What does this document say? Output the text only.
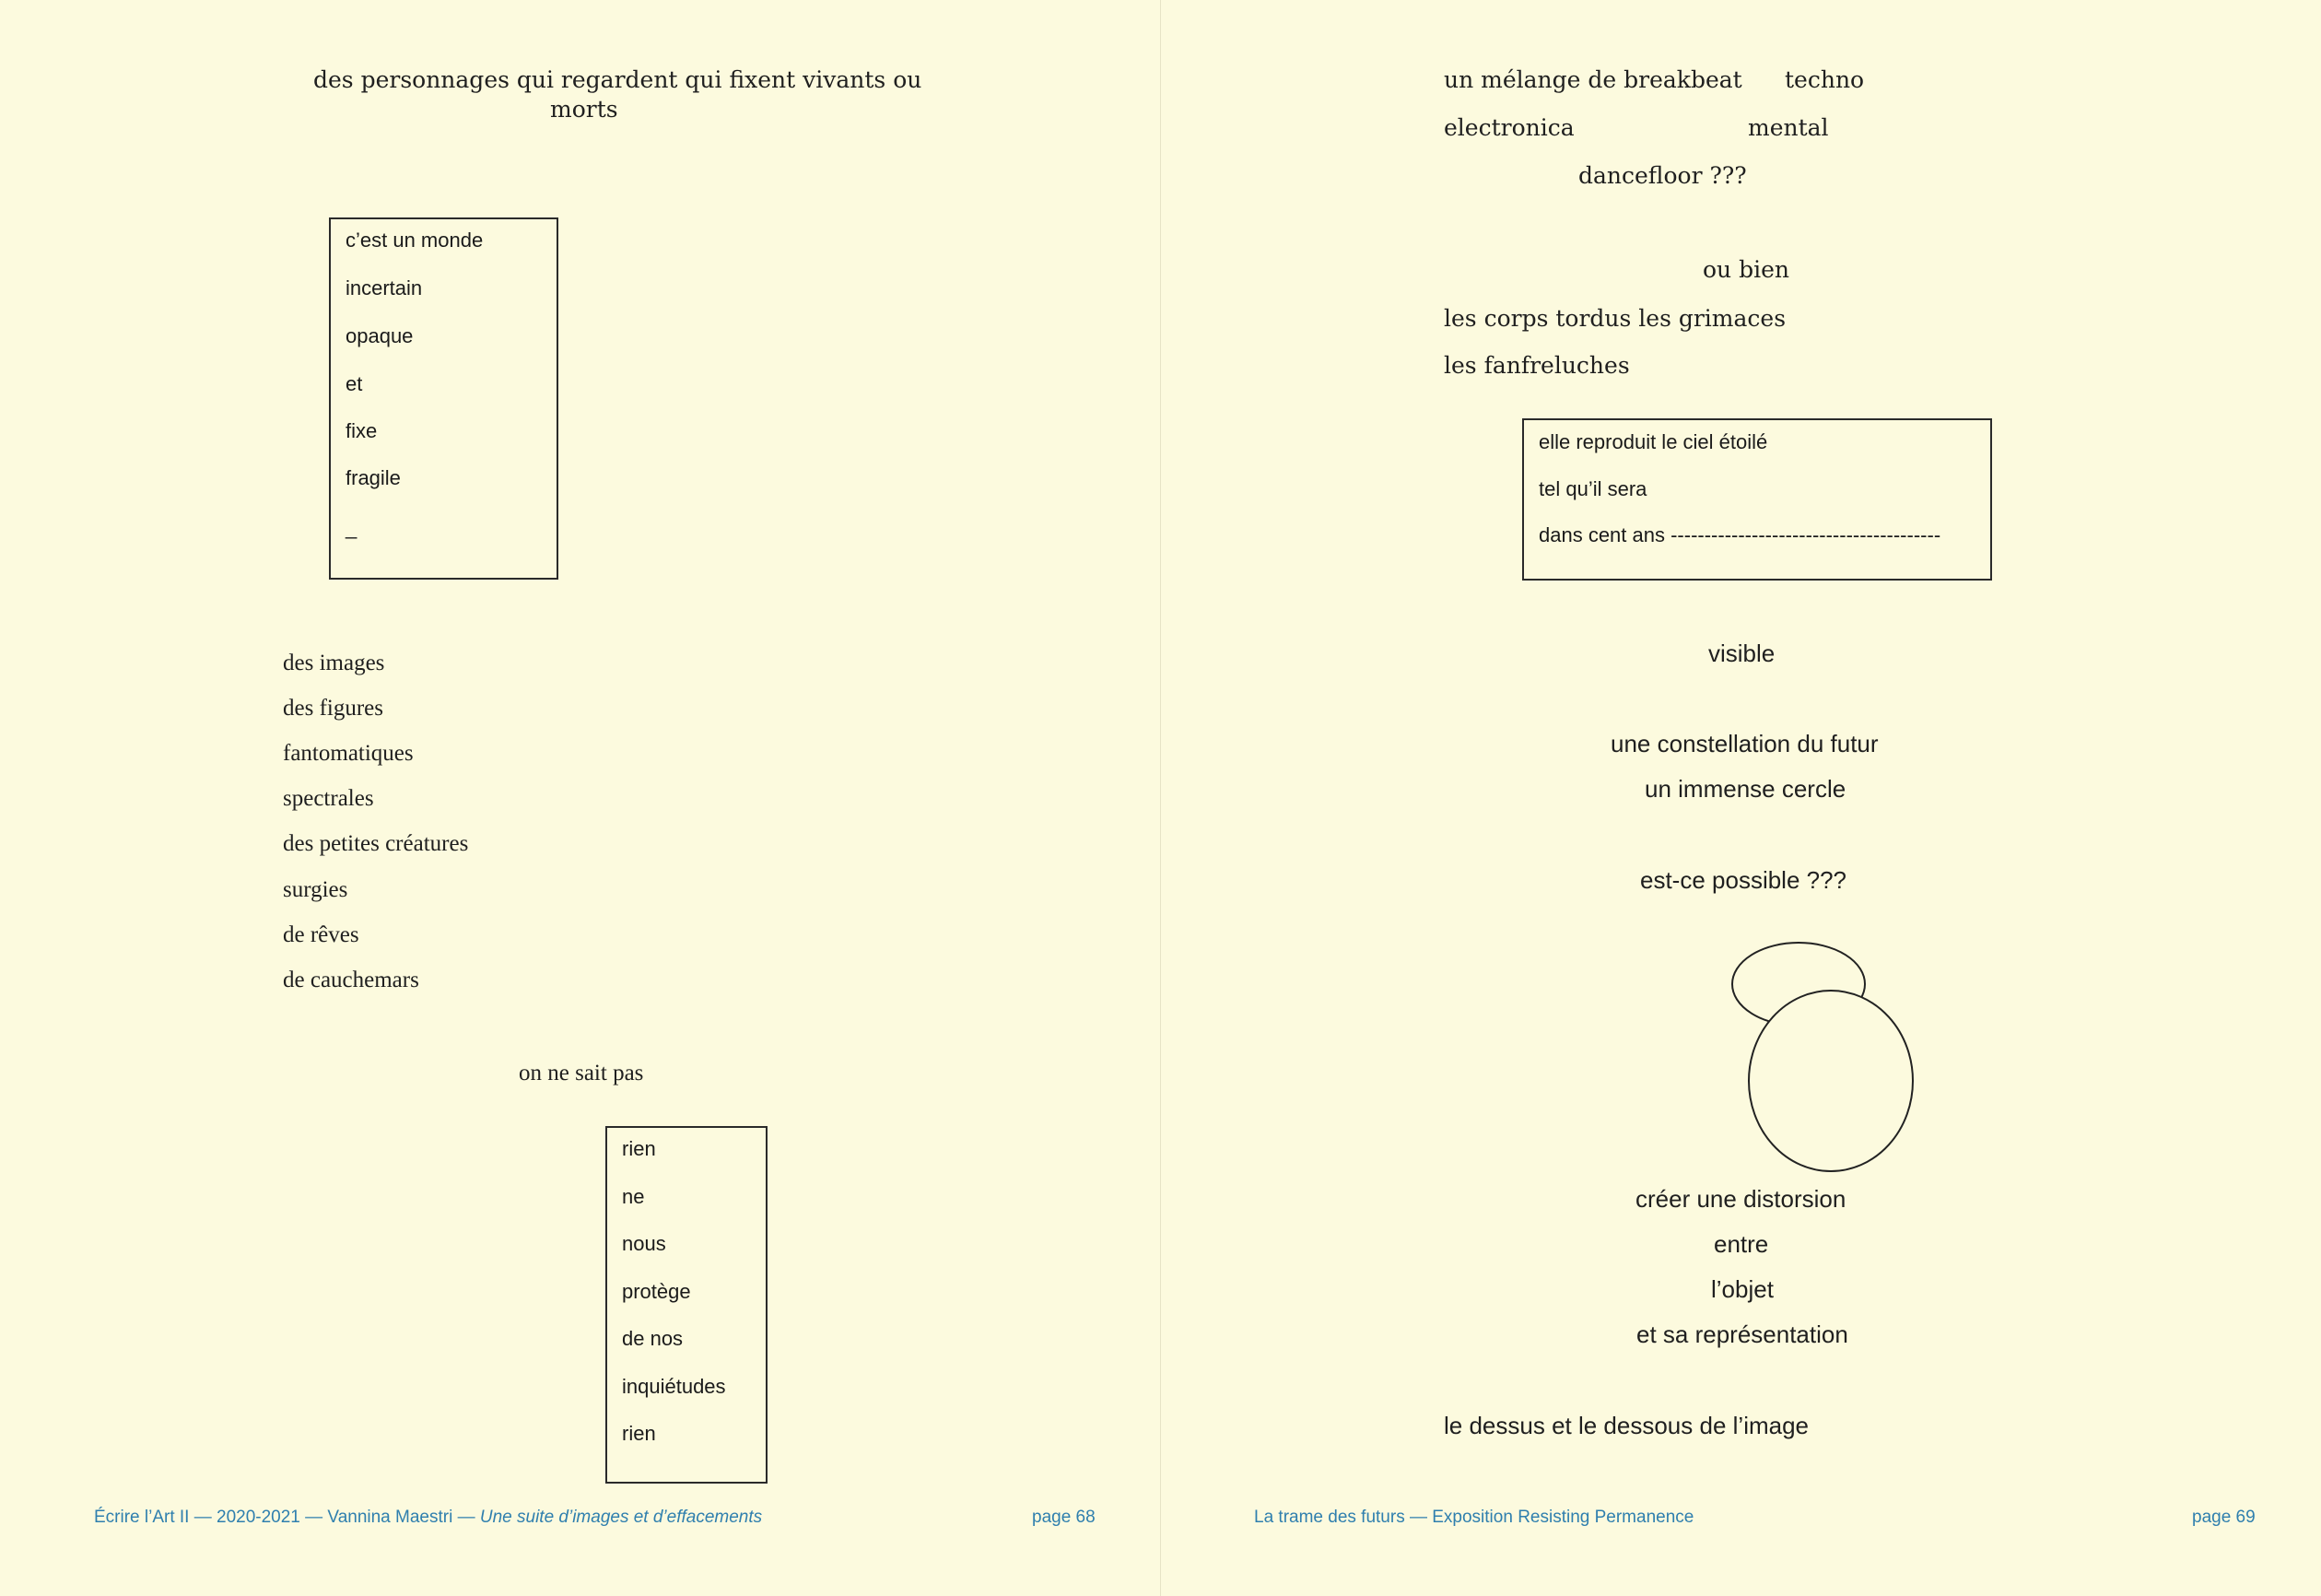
des personnages qui regardent qui fixent vivants ou
morts
c’est un monde
incertain
opaque
et
fixe
fragile
_
des images
des figures
fantomatiques
spectrales
des petites créatures
surgies
de rêves
de cauchemars
on ne sait pas
rien
ne
nous
protège
de nos
inquiétudes
rien
Écrire l’Art II — 2020-2021 — Vannina Maestri — Une suite d’images et d’effacements	page 68
un mélange de breakbeat techno
electronica	mental
dancefloor ???
ou bien
les corps tordus les grimaces
les fanfreluches
elle reproduit le ciel étoilé
tel qu’il sera
dans cent ans ----------------------------------------
visible
une constellation du futur
un immense cercle
est-ce possible ???
créer une distorsion
entre
l’objet
et sa représentation
le dessus et le dessous de l’image
La trame des futurs — Exposition Resisting Permanence	page 69
